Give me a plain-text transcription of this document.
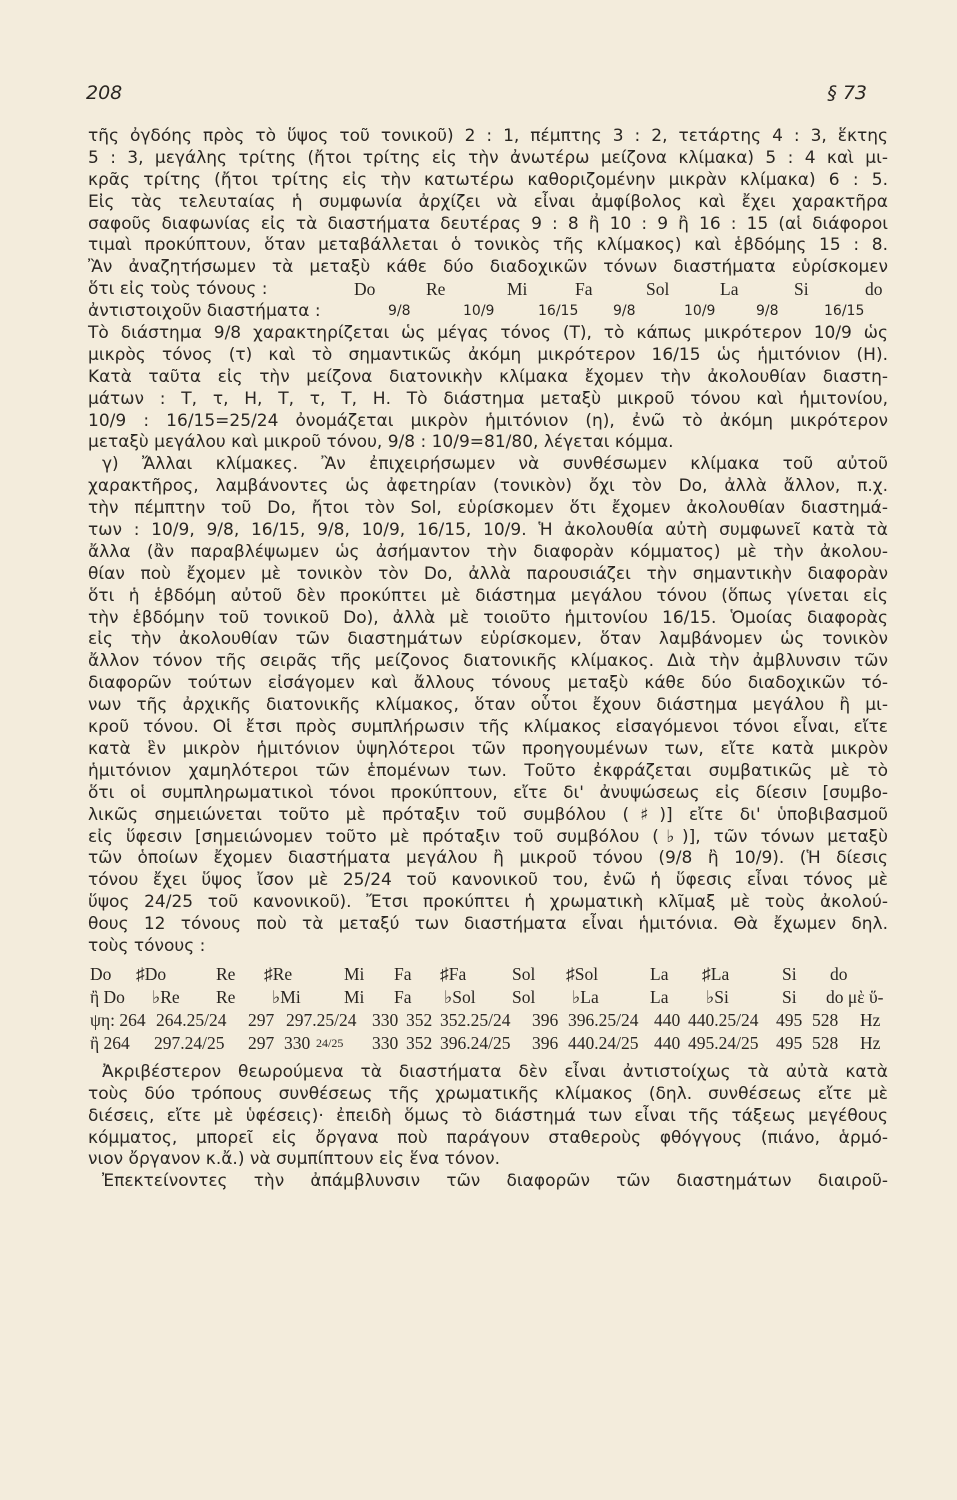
208	§ 73
τῆς ὀγδόης πρὸς τὸ ὕψος τοῦ τονικοῦ) 2 : 1, πέμπτης 3 : 2, τετάρτης 4 : 3, ἕκτης
5 : 3, μεγάλης τρίτης (ἤτοι τρίτης εἰς τὴν ἀνωτέρω μείζονα κλίμακα) 5 : 4 καὶ μι-
κρᾶς τρίτης (ἤτοι τρίτης εἰς τὴν κατωτέρω καθοριζομένην μικρὰν κλίμακα) 6 : 5.
Εἰς τὰς τελευταίας ἡ συμφωνία ἀρχίζει νὰ εἶναι ἀμφίβολος καὶ ἔχει χαρακτῆρα
σαφοῦς διαφωνίας εἰς τὰ διαστήματα δευτέρας 9 : 8 ἢ 10 : 9 ἢ 16 : 15 (αἱ διάφοροι
τιμαὶ προκύπτουν, ὅταν μεταβάλλεται ὁ τονικὸς τῆς κλίμακος) καὶ ἑβδόμης 15 : 8.
Ἂν ἀναζητήσωμεν τὰ μεταξὺ κάθε δύο διαδοχικῶν τόνων διαστήματα εὑρίσκομεν
ὅτι εἰς τοὺς τόνους :	Do	Re	Mi	Fa	Sol	La	Si	do
ἀντιστοιχοῦν διαστήματα :	9/8	10/9	16/15 9/8	10/9	9/8	16/15
Τὸ διάστημα 9/8 χαρακτηρίζεται ὡς μέγας τόνος (Τ), τὸ κάπως μικρότερον 10/9 ὡς
μικρὸς τόνος (τ) καὶ τὸ σημαντικῶς ἀκόμη μικρότερον 16/15 ὡς ἡμιτόνιον (Η).
Κατὰ ταῦτα εἰς τὴν μείζονα διατονικὴν κλίμακα ἔχομεν τὴν ἀκολουθίαν διαστη-
μάτων : Τ, τ, Η, Τ, τ, Τ, Η. Τὸ διάστημα μεταξὺ μικροῦ τόνου καὶ ἡμιτονίου,
10/9 : 16/15=25/24 ὀνομάζεται μικρὸν ἡμιτόνιον (η), ἐνῶ τὸ ἀκόμη μικρότερον
μεταξὺ μεγάλου καὶ μικροῦ τόνου, 9/8 : 10/9=81/80, λέγεται κόμμα.
γ) Ἄλλαι κλίμακες. Ἂν ἐπιχειρήσωμεν νὰ συνθέσωμεν κλίμακα τοῦ αὐτοῦ
χαρακτῆρος, λαμβάνοντες ὡς ἀφετηρίαν (τονικὸν) ὄχι τὸν Do, ἀλλὰ ἄλλον, π.χ.
τὴν πέμπτην τοῦ Do, ἤτοι τὸν Sol, εὑρίσκομεν ὅτι ἔχομεν ἀκολουθίαν διαστημά-
των : 10/9, 9/8, 16/15, 9/8, 10/9, 16/15, 10/9. Ἡ ἀκολουθία αὐτὴ συμφωνεῖ κατὰ τὰ
ἄλλα (ἂν παραβλέψωμεν ὡς ἀσήμαντον τὴν διαφορὰν κόμματος) μὲ τὴν ἀκολου-
θίαν ποὺ ἔχομεν μὲ τονικὸν τὸν Do, ἀλλὰ παρουσιάζει τὴν σημαντικὴν διαφορὰν
ὅτι ἡ ἑβδόμη αὐτοῦ δὲν προκύπτει μὲ διάστημα μεγάλου τόνου (ὅπως γίνεται εἰς
τὴν ἑβδόμην τοῦ τονικοῦ Do), ἀλλὰ μὲ τοιοῦτο ἡμιτονίου 16/15. Ὁμοίας διαφορὰς
εἰς τὴν ἀκολουθίαν τῶν διαστημάτων εὑρίσκομεν, ὅταν λαμβάνομεν ὡς τονικὸν
ἄλλον τόνον τῆς σειρᾶς τῆς μείζονος διατονικῆς κλίμακος. Διὰ τὴν ἀμβλυνσιν τῶν
διαφορῶν τούτων εἰσάγομεν καὶ ἄλλους τόνους μεταξὺ κάθε δύο διαδοχικῶν τό-
νων τῆς ἀρχικῆς διατονικῆς κλίμακος, ὅταν οὗτοι ἔχουν διάστημα μεγάλου ἢ μι-
κροῦ τόνου. Οἱ ἔτσι πρὸς συμπλήρωσιν τῆς κλίμακος εἰσαγόμενοι τόνοι εἶναι, εἴτε
κατὰ ἓν μικρὸν ἡμιτόνιον ὑψηλότεροι τῶν προηγουμένων των, εἴτε κατὰ μικρὸν
ἡμιτόνιον χαμηλότεροι τῶν ἑπομένων των. Τοῦτο ἐκφράζεται συμβατικῶς μὲ τὸ
ὅτι οἱ συμπληρωματικοὶ τόνοι προκύπτουν, εἴτε δι' ἀνυψώσεως εἰς δίεσιν [συμβο-
λικῶς σημειώνεται τοῦτο μὲ πρόταξιν τοῦ συμβόλου (♯)] εἴτε δι' ὑποβιβασμοῦ
εἰς ὕφεσιν [σημειώνομεν τοῦτο μὲ πρόταξιν τοῦ συμβόλου (♭)], τῶν τόνων μεταξὺ
τῶν ὁποίων ἔχομεν διαστήματα μεγάλου ἢ μικροῦ τόνου (9/8 ἢ 10/9). (Ἡ δίεσις
τόνου ἔχει ὕψος ἴσον μὲ 25/24 τοῦ κανονικοῦ του, ἐνῶ ἡ ὕφεσις εἶναι τόνος μὲ
ὕψος 24/25 τοῦ κανονικοῦ). Ἔτσι προκύπτει ἡ χρωματικὴ κλῖμαξ μὲ τοὺς ἀκολού-
θους 12 τόνους ποὺ τὰ μεταξύ των διαστήματα εἶναι ἡμιτόνια. Θὰ ἔχωμεν δηλ.
τοὺς τόνους :
Do ♯Do	Re ♯Re	Mi Fa ♯Fa	Sol ♯Sol	La ♯La	Si do
ἢ Do ♭Re Re ♭Mi Mi Fa ♭Sol Sol ♭La	La ♭Si	Si do μὲ ὕ-
ψη: 264 264.25/24 297 297.25/24 330 352 352.25/24 396 396.25/24 440 440.25/24 495 528 Hz
ἢ 264 297.24/25 297 330 24/25 330 352 396.24/25 396 440.24/25 440 495.24/25 495 528 Hz
Ἀκριβέστερον θεωρούμενα τὰ διαστήματα δὲν εἶναι ἀντιστοίχως τὰ αὐτὰ κατὰ
τοὺς δύο τρόπους συνθέσεως τῆς χρωματικῆς κλίμακος (δηλ. συνθέσεως εἴτε μὲ
διέσεις, εἴτε μὲ ὑφέσεις)· ἐπειδὴ ὅμως τὸ διάστημά των εἶναι τῆς τάξεως μεγέθους
κόμματος, μπορεῖ εἰς ὄργανα ποὺ παράγουν σταθεροὺς φθόγγους (πιάνο, ἁρμό-
νιον ὄργανον κ.ἄ.) νὰ συμπίπτουν εἰς ἕνα τόνον.
Ἐπεκτείνοντες τὴν ἀπάμβλυνσιν τῶν διαφορῶν τῶν διαστημάτων διαιροῦ-
